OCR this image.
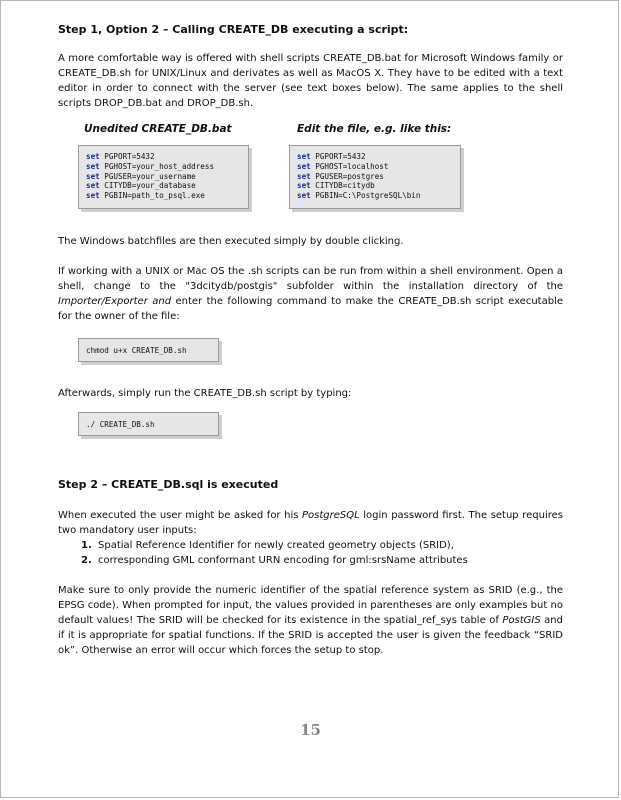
Step 1, Option 2 – Calling CREATE_DB executing a script:
A more comfortable way is offered with shell scripts CREATE_DB.bat for Microsoft Windows family or CREATE_DB.sh for UNIX/Linux and derivates as well as MacOS X. They have to be edited with a text editor in order to connect with the server (see text boxes below). The same applies to the shell scripts DROP_DB.bat and DROP_DB.sh.
Unedited CREATE_DB.bat	Edit the file, e.g. like this:
set PGPORT=5432
set PGHOST=your_host_address
set PGUSER=your_username
set CITYDB=your_database
set PGBIN=path_to_psql.exe
set PGPORT=5432
set PGHOST=localhost
set PGUSER=postgres
set CITYDB=citydb
set PGBIN=C:\PostgreSQL\bin
The Windows batchfiles are then executed simply by double clicking.
If working with a UNIX or Mac OS the .sh scripts can be run from within a shell environment. Open a shell, change to the "3dcitydb/postgis" subfolder within the installation directory of the Importer/Exporter and enter the following command to make the CREATE_DB.sh script executable for the owner of the file:
chmod u+x CREATE_DB.sh
Afterwards, simply run the CREATE_DB.sh script by typing:
./ CREATE_DB.sh
Step 2 – CREATE_DB.sql is executed
When executed the user might be asked for his PostgreSQL login password first. The setup requires two mandatory user inputs:
1. Spatial Reference Identifier for newly created geometry objects (SRID),
2. corresponding GML conformant URN encoding for gml:srsName attributes
Make sure to only provide the numeric identifier of the spatial reference system as SRID (e.g., the EPSG code). When prompted for input, the values provided in parentheses are only examples but no default values! The SRID will be checked for its existence in the spatial_ref_sys table of PostGIS and if it is appropriate for spatial functions. If the SRID is accepted the user is given the feedback “SRID ok”. Otherwise an error will occur which forces the setup to stop.
15
